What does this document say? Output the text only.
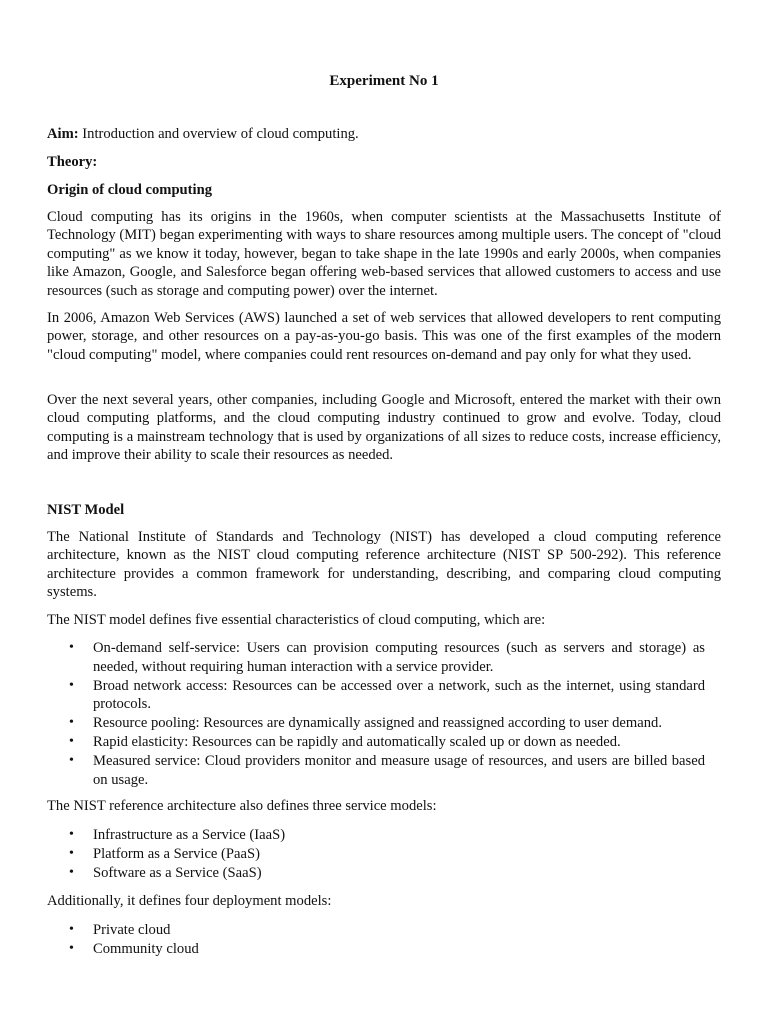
Experiment No 1

Aim: Introduction and overview of cloud computing.

Theory:

Origin of cloud computing

Cloud computing has its origins in the 1960s, when computer scientists at the Massachusetts Institute of Technology (MIT) began experimenting with ways to share resources among multiple users. The concept of "cloud computing" as we know it today, however, began to take shape in the late 1990s and early 2000s, when companies like Amazon, Google, and Salesforce began offering web-based services that allowed customers to access and use resources (such as storage and computing power) over the internet.

In 2006, Amazon Web Services (AWS) launched a set of web services that allowed developers to rent computing power, storage, and other resources on a pay-as-you-go basis. This was one of the first examples of the modern "cloud computing" model, where companies could rent resources on-demand and pay only for what they used.

Over the next several years, other companies, including Google and Microsoft, entered the market with their own cloud computing platforms, and the cloud computing industry continued to grow and evolve. Today, cloud computing is a mainstream technology that is used by organizations of all sizes to reduce costs, increase efficiency, and improve their ability to scale their resources as needed.

NIST Model

The National Institute of Standards and Technology (NIST) has developed a cloud computing reference architecture, known as the NIST cloud computing reference architecture (NIST SP 500-292). This reference architecture provides a common framework for understanding, describing, and comparing cloud computing systems.

The NIST model defines five essential characteristics of cloud computing, which are:

• On-demand self-service: Users can provision computing resources (such as servers and storage) as needed, without requiring human interaction with a service provider.
• Broad network access: Resources can be accessed over a network, such as the internet, using standard protocols.
• Resource pooling: Resources are dynamically assigned and reassigned according to user demand.
• Rapid elasticity: Resources can be rapidly and automatically scaled up or down as needed.
• Measured service: Cloud providers monitor and measure usage of resources, and users are billed based on usage.

The NIST reference architecture also defines three service models:

• Infrastructure as a Service (IaaS)
• Platform as a Service (PaaS)
• Software as a Service (SaaS)

Additionally, it defines four deployment models:

• Private cloud
• Community cloud
